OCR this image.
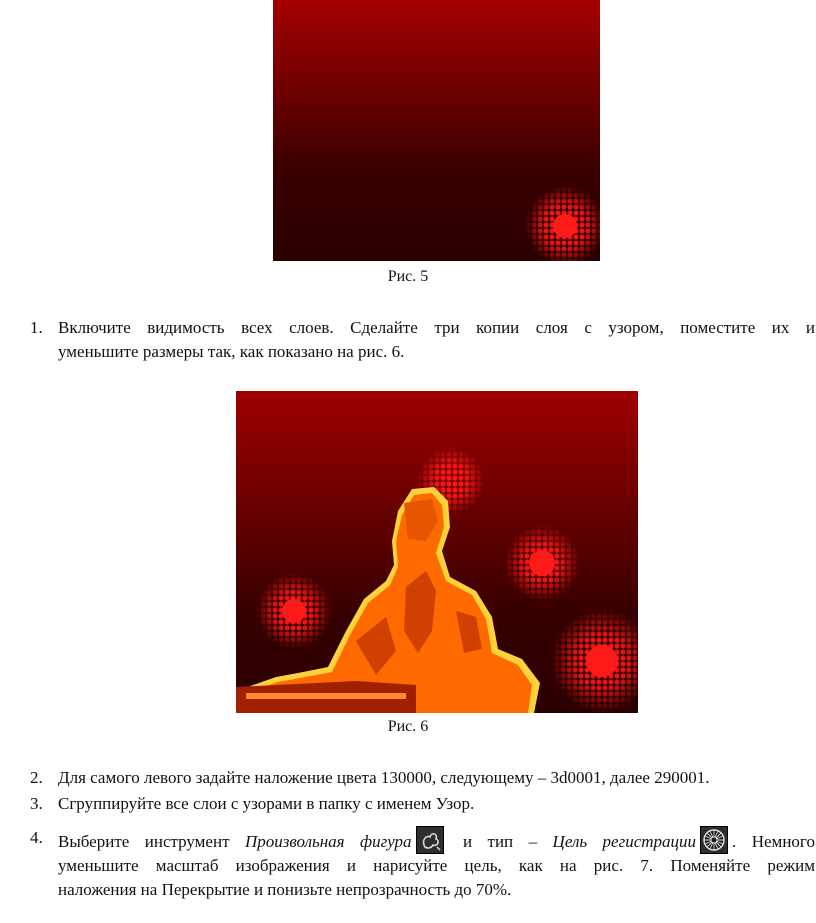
Рис. 5
1. Включите видимость всех слоев. Сделайте три копии слоя с узором, поместите их и
уменьшите размеры так, как показано на рис. 6.
Рис. 6
2. Для самого левого задайте наложение цвета 130000, следующему – 3d0001, далее 290001.
3. Сгруппируйте все слои с узорами в папку с именем Узор.
4. Выберите инструмент Произвольная фигура и тип – Цель регистрации . Немного
уменьшите масштаб изображения и нарисуйте цель, как на рис. 7. Поменяйте режим
наложения на Перекрытие и понизьте непрозрачность до 70%.
